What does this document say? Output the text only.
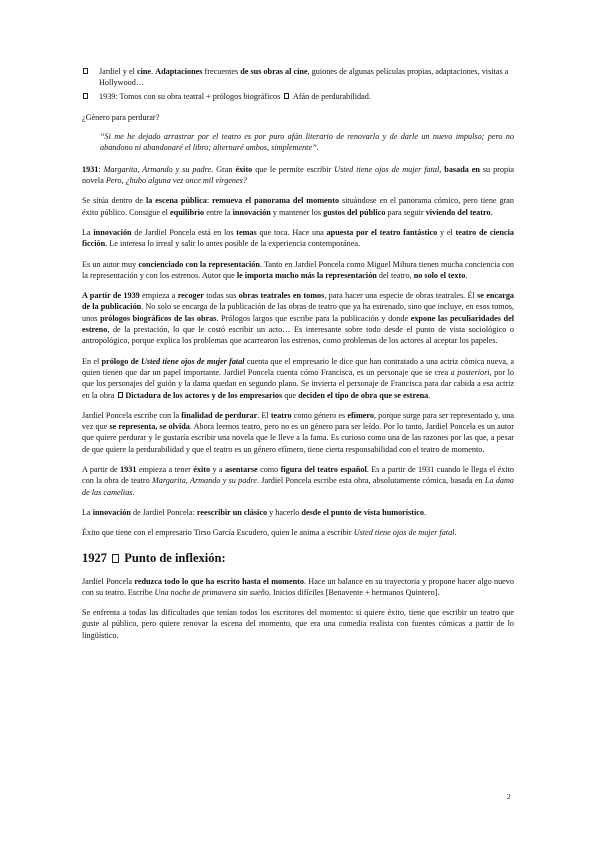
Jardiel y el cine. Adaptaciones frecuentes de sus obras al cine, guiones de algunas películas propias, adaptaciones, visitas a Hollywood…
1939: Tomos con su obra teatral + prólogos biográficos  Afán de perdurabilidad.

¿Género para perdurar?

“Si me he dejado arrastrar por el teatro es por puro afán literario de renovarlo y de darle un nuevo impulso; pero no abandono ni abandonaré el libro; alternaré ambos, simplemente”.

1931: Margarita, Armando y su padre. Gran éxito que le permite escribir Usted tiene ojos de mujer fatal, basada en su propia novela Pero, ¿hubo alguna vez once mil vírgenes?

Se sitúa dentro de la escena pública: remueva el panorama del momento situándose en el panorama cómico, pero tiene gran éxito público. Consigue el equilibrio entre la innovación y mantener los gustos del público para seguir viviendo del teatro.

La innovación de Jardiel Poncela está en los temas que toca. Hace una apuesta por el teatro fantástico y el teatro de ciencia ficción. Le interesa lo irreal y salir lo antes posible de la experiencia contemporánea.

Es un autor muy concienciado con la representación. Tanto en Jardiel Poncela como Miguel Mihura tienen mucha conciencia con la representación y con los estrenos. Autor que le importa mucho más la representación del teatro, no solo el texto.

A partir de 1939 empieza a recoger todas sus obras teatrales en tomos, para hacer una especie de obras teatrales. Él se encarga de la publicación. No solo se encarga de la publicación de las obras de teatro que ya ha estrenado, sino que incluye, en esos tomos, unos prólogos biográficos de las obras. Prólogos largos que escribe para la publicación y donde expone las peculiaridades del estreno, de la prestación, lo que le costó escribir un acto… Es interesante sobre todo desde el punto de vista sociológico o antropológico, porque explica los problemas que acarrearon los estrenos, como problemas de los actores al aceptar los papeles.

En el prólogo de Usted tiene ojos de mujer fatal cuenta que el empresario le dice que han contratado a una actriz cómica nueva, a quien tienen que dar un papel importante. Jardiel Poncela cuenta cómo Francisca, es un personaje que se crea a posteriori, por lo que los personajes del guión y la dama quedan en segundo plano. Se invierta el personaje de Francisca para dar cabida a esa actriz en la obra Dictadura de los actores y de los empresarios que deciden el tipo de obra que se estrena.

Jardiel Poncela escribe con la finalidad de perdurar. El teatro como género es efímero, porque surge para ser representado y, una vez que se representa, se olvida. Ahora leemos teatro, pero no es un género para ser leído. Por lo tanto, Jardiel Poncela es un autor que quiere perdurar y le gustaría escribir una novela que le lleve a la fama. Es curioso como una de las razones por las que, a pesar de que quiere la perdurabilidad y que el teatro es un género efímero, tiene cierta responsabilidad con el teatro de momento.

A partir de 1931 empieza a tener éxito y a asentarse como figura del teatro español. Es a partir de 1931 cuando le llega el éxito con la obra de teatro Margarita, Armando y su padre. Jardiel Poncela escribe esta obra, absolutamente cómica, basada en La dama de las camelias.

La innovación de Jardiel Poncela: reescribir un clásico y hacerlo desde el punto de vista humorístico.

Éxito que tiene con el empresario Tirso García Escudero, quien le anima a escribir Usted tiene ojos de mujer fatal.

1927  Punto de inflexión:

Jardiel Poncela reduzca todo lo que ha escrito hasta el momento. Hace un balance en su trayectoria y propone hacer algo nuevo con su teatro. Escribe Una noche de primavera sin sueño. Inicios difíciles [Benavente + hermanos Quintero].

Se enfrenta a todas las dificultades que tenían todos los escritores del momento: si quiere éxito, tiene que escribir un teatro que guste al público, pero quiere renovar la escena del momento, que era una comedia realista con fuentes cómicas a partir de lo lingüístico.

2
